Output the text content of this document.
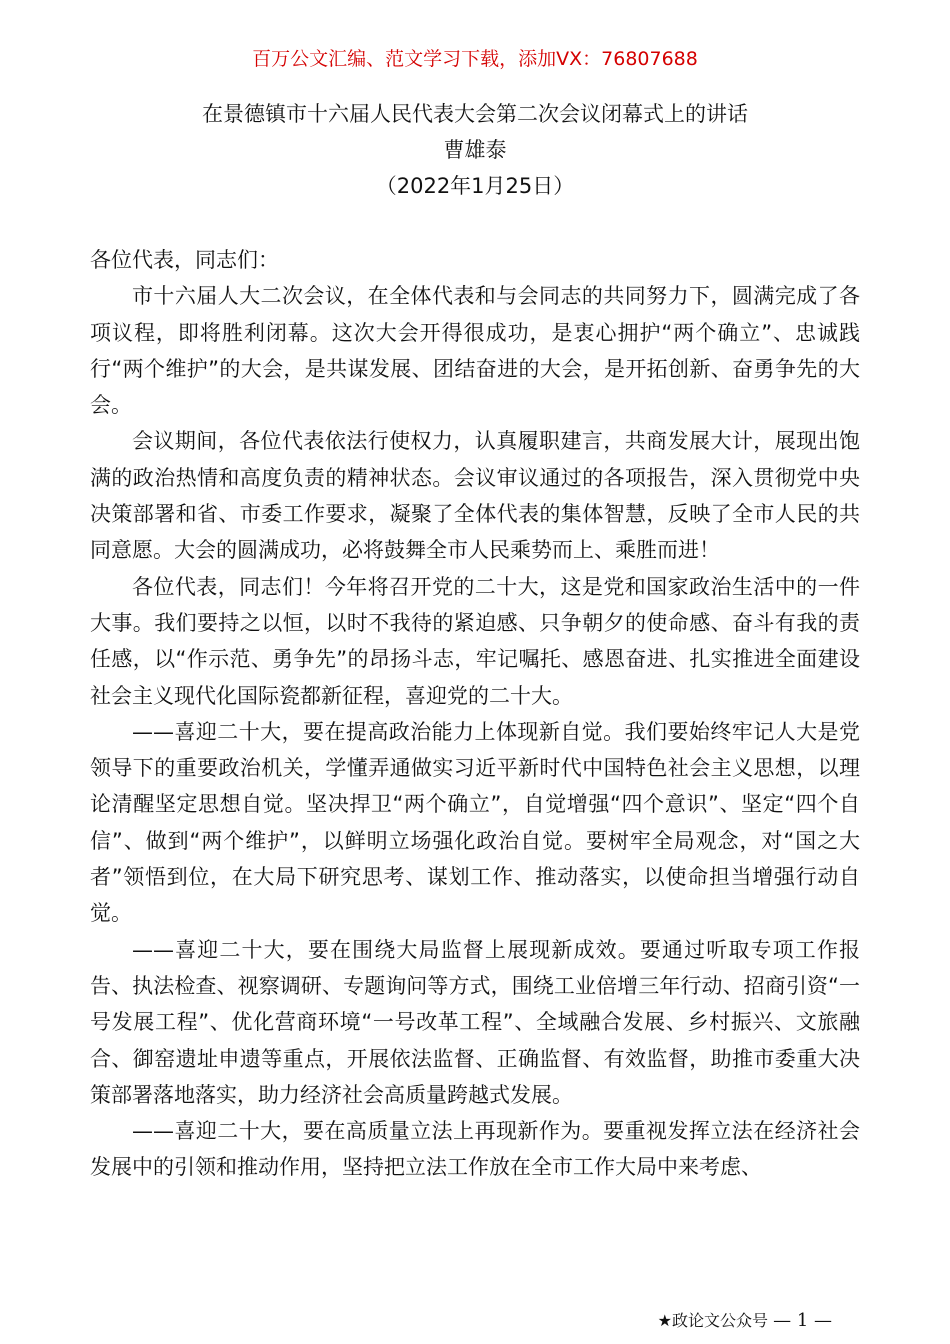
百万公文汇编、范文学习下载，添加VX：76807688
在景德镇市十六届人民代表大会第二次会议闭幕式上的讲话
曹雄泰
（2022年1月25日）

各位代表，同志们：

市十六届人大二次会议，在全体代表和与会同志的共同努力下，圆满完成了各项议程，即将胜利闭幕。这次大会开得很成功，是衷心拥护“两个确立”、忠诚践行“两个维护”的大会，是共谋发展、团结奋进的大会，是开拓创新、奋勇争先的大会。

会议期间，各位代表依法行使权力，认真履职建言，共商发展大计，展现出饱满的政治热情和高度负责的精神状态。会议审议通过的各项报告，深入贯彻党中央决策部署和省、市委工作要求，凝聚了全体代表的集体智慧，反映了全市人民的共同意愿。大会的圆满成功，必将鼓舞全市人民乘势而上、乘胜而进！

各位代表，同志们！今年将召开党的二十大，这是党和国家政治生活中的一件大事。我们要持之以恒，以时不我待的紧迫感、只争朝夕的使命感、奋斗有我的责任感，以“作示范、勇争先”的昂扬斗志，牢记嘱托、感恩奋进、扎实推进全面建设社会主义现代化国际瓷都新征程，喜迎党的二十大。

——喜迎二十大，要在提高政治能力上体现新自觉。我们要始终牢记人大是党领导下的重要政治机关，学懂弄通做实习近平新时代中国特色社会主义思想，以理论清醒坚定思想自觉。坚决捍卫“两个确立”，自觉增强“四个意识”、坚定“四个自信”、做到“两个维护”，以鲜明立场强化政治自觉。要树牢全局观念，对“国之大者”领悟到位，在大局下研究思考、谋划工作、推动落实，以使命担当增强行动自觉。

——喜迎二十大，要在围绕大局监督上展现新成效。要通过听取专项工作报告、执法检查、视察调研、专题询问等方式，围绕工业倍增三年行动、招商引资“一号发展工程”、优化营商环境“一号改革工程”、全域融合发展、乡村振兴、文旅融合、御窑遗址申遗等重点，开展依法监督、正确监督、有效监督，助推市委重大决策部署落地落实，助力经济社会高质量跨越式发展。

——喜迎二十大，要在高质量立法上再现新作为。要重视发挥立法在经济社会发展中的引领和推动作用，坚持把立法工作放在全市工作大局中来考虑、

★政论文公众号 — 1 —
